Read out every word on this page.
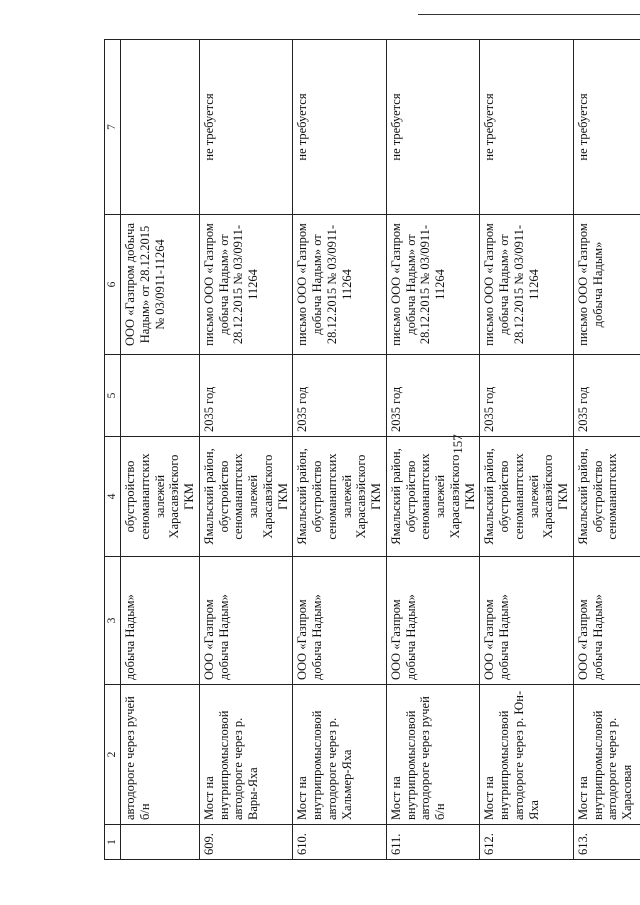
157
1	2	3	4	5	6	7
	автодороге через ручей б/н	добыча Надым»	обустройство сеноманаптских залежей Харасавэйского ГКМ		ООО «Газпром добыча Надым» от 28.12.2015 № 03/0911-11264	
609.	Мост на внутрипромысловой автодороге через р. Вары-Яха	ООО «Газпром добыча Надым»	Ямальский район, обустройство сеноманаптских залежей Харасавэйского ГКМ	2035 год	письмо ООО «Газпром добыча Надым» от 28.12.2015 № 03/0911-11264	не требуется
610.	Мост на внутрипромысловой автодороге через р. Хальмер-Яха	ООО «Газпром добыча Надым»	Ямальский район, обустройство сеноманаптских залежей Харасавэйского ГКМ	2035 год	письмо ООО «Газпром добыча Надым» от 28.12.2015 № 03/0911-11264	не требуется
611.	Мост на внутрипромысловой автодороге через ручей б/н	ООО «Газпром добыча Надым»	Ямальский район, обустройство сеноманаптских залежей Харасавэйского ГКМ	2035 год	письмо ООО «Газпром добыча Надым» от 28.12.2015 № 03/0911-11264	не требуется
612.	Мост на внутрипромысловой автодороге через р. Юн-Яха	ООО «Газпром добыча Надым»	Ямальский район, обустройство сеноманаптских залежей Харасавэйского ГКМ	2035 год	письмо ООО «Газпром добыча Надым» от 28.12.2015 № 03/0911-11264	не требуется
613.	Мост на внутрипромысловой автодороге через р. Харасовая	ООО «Газпром добыча Надым»	Ямальский район, обустройство сеноманаптских	2035 год	письмо ООО «Газпром добыча Надым»	не требуется
